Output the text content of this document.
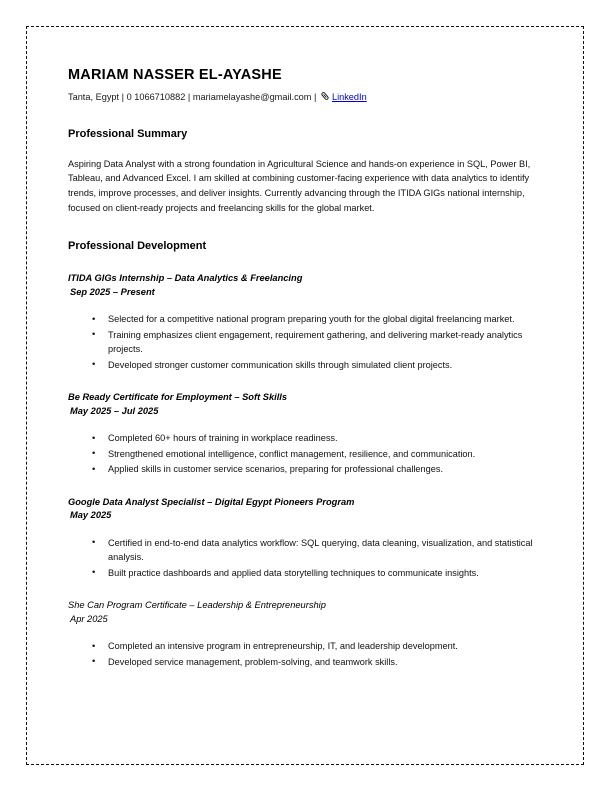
MARIAM NASSER EL-AYASHE

Tanta, Egypt | 0 1066710882 | mariamelayashe@gmail.com | LinkedIn

Professional Summary

Aspiring Data Analyst with a strong foundation in Agricultural Science and hands-on experience in SQL, Power BI, Tableau, and Advanced Excel. I am skilled at combining customer-facing experience with data analytics to identify trends, improve processes, and deliver insights. Currently advancing through the ITIDA GIGs national internship, focused on client-ready projects and freelancing skills for the global market.

Professional Development
ITIDA GIGs Internship – Data Analytics & Freelancing
Sep 2025 – Present
• Selected for a competitive national program preparing youth for the global digital freelancing market.
• Training emphasizes client engagement, requirement gathering, and delivering market-ready analytics projects.
• Developed stronger customer communication skills through simulated client projects.
Be Ready Certificate for Employment – Soft Skills
May 2025 – Jul 2025
• Completed 60+ hours of training in workplace readiness.
• Strengthened emotional intelligence, conflict management, resilience, and communication.
• Applied skills in customer service scenarios, preparing for professional challenges.
Google Data Analyst Specialist – Digital Egypt Pioneers Program
May 2025
• Certified in end-to-end data analytics workflow: SQL querying, data cleaning, visualization, and statistical analysis.
• Built practice dashboards and applied data storytelling techniques to communicate insights.
She Can Program Certificate – Leadership & Entrepreneurship
Apr 2025
• Completed an intensive program in entrepreneurship, IT, and leadership development.
• Developed service management, problem-solving, and teamwork skills.
